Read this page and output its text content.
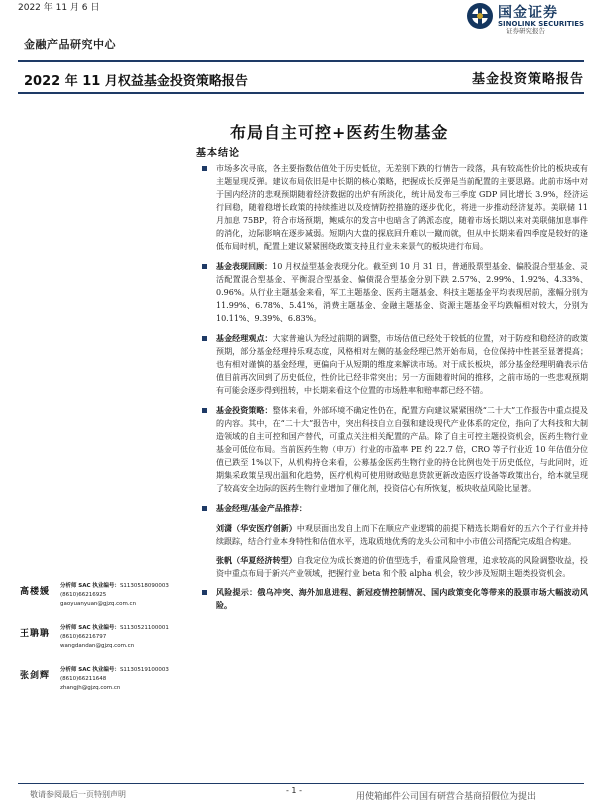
2022 年 11 月 6 日	国金证券
SINOLINK SECURITIES
证券研究报告
金融产品研究中心
2022 年 11 月权益基金投资策略报告	基金投资策略报告
布局自主可控+医药生物基金
基本结论
市场多次寻底，各主要指数估值处于历史低位，无差别下跌的行情告一段落，具有较高性价比的板块或有主题显现反弹。建议布局依旧是中长期的核心策略，把握成长反弹是当前配置的主要思路。此前市场中对于国内经济的悲观预期随着经济数据的出炉有所淡化，统计局发布三季度 GDP 同比增长 3.9%，经济运行回稳，随着稳增长政策的持续推进以及疫情防控措施的逐步优化，将进一步推动经济复苏。美联储 11 月加息 75BP，符合市场预期，鲍威尔的发言中也暗含了鸽派态度，随着市场长期以来对美联储加息事件的消化，边际影响在逐步减弱。短期内大盘的探底回升难以一蹴而就，但从中长期来看四季度是较好的逢低布局时机，配置上建议紧紧围绕政策支持且行业未来景气的板块进行布局。
基金表现回顾：10 月权益型基金表现分化。截至到 10 月 31 日，普通股票型基金、偏股混合型基金、灵活配置混合型基金、平衡混合型基金、偏债混合型基金分别下跌 2.57%、2.99%、1.92%、4.33%、0.96%。从行业主题基金来看，军工主题基金、医药主题基金、科技主题基金平均表现居前，涨幅分别为 11.99%、6.78%、5.41%，消费主题基金、金融主题基金、资源主题基金平均跌幅相对较大，分别为 10.11%、9.39%、6.83%。
基金经理观点：大家普遍认为经过前期的调整，市场估值已经处于较低的位置，对于防疫和稳经济的政策预期，部分基金经理持乐观态度，风格相对左侧的基金经理已然开始布局，仓位保持中性甚至显著提高；也有相对谨慎的基金经理，更偏向于从短期的维度来解读市场。对于成长板块，部分基金经理明确表示估值目前再次回到了历史低位，性价比已经非常突出；另一方面随着时间的推移，之前市场的一些悲观预期有可能会逐步得到扭转，中长期来看这个位置的市场胜率和赔率都已经不错。
基金投资策略：整体来看，外部环境不确定性仍在，配置方向建议紧紧围绕“二十大”工作报告中重点提及的内容。其中，在“二十大”报告中，突出科技自立自强和建设现代产业体系的定位，指向了大科技和大制造领域的自主可控和国产替代，可重点关注相关配置的产品。除了自主可控主题投资机会，医药生物行业基金可低位布局。当前医药生物（申万）行业的市盈率 PE 约 22.7 倍，CRO 等子行业近 10 年估值分位值已跌至 1%以下，从机构持仓来看，公募基金医药生物行业的持仓比例也处于历史低位，与此同时，近期集采政策呈现出温和化趋势，医疗机构可使用财政贴息贷款更新改造医疗设备等政策出台，给本就呈现了较高安全边际的医药生物行业增加了催化剂，投资信心有所恢复，板块收益风险比显著。
基金经理/基金产品推荐：
刘潇（华安医疗创新）中观层面出发自上而下在顺应产业逻辑的前提下精选长期看好的五六个子行业并持续跟踪，结合行业本身特性和估值水平，选取质地优秀的龙头公司和中小市值公司搭配完成组合构建。
张帆（华夏经济转型）自我定位为成长赛道的价值型选手，看重风险管理，追求较高的风险调整收益，投资中重点布局于新兴产业领域，把握行业 beta 和个股 alpha 机会，较少涉及短期主题类投资机会。
风险提示：俄乌冲突、海外加息进程、新冠疫情控制情况、国内政策变化等带来的股票市场大幅波动风险。
高楼媛
分析师 SAC 执业编号：S1130518090003
(8610)66216925
gaoyuanyuan@gjzq.com.cn
王聃聃
分析师 SAC 执业编号：S1130521100001
(8610)66216797
wangdandan@gjzq.com.cn
张剑辉
分析师 SAC 执业编号：S1130519100003
(8610)66211648
zhangjh@gjzq.com.cn
敬请参阅最后一页特别声明	- 1 -
用使箱邮件公司国有研营合基商招假位为提出
